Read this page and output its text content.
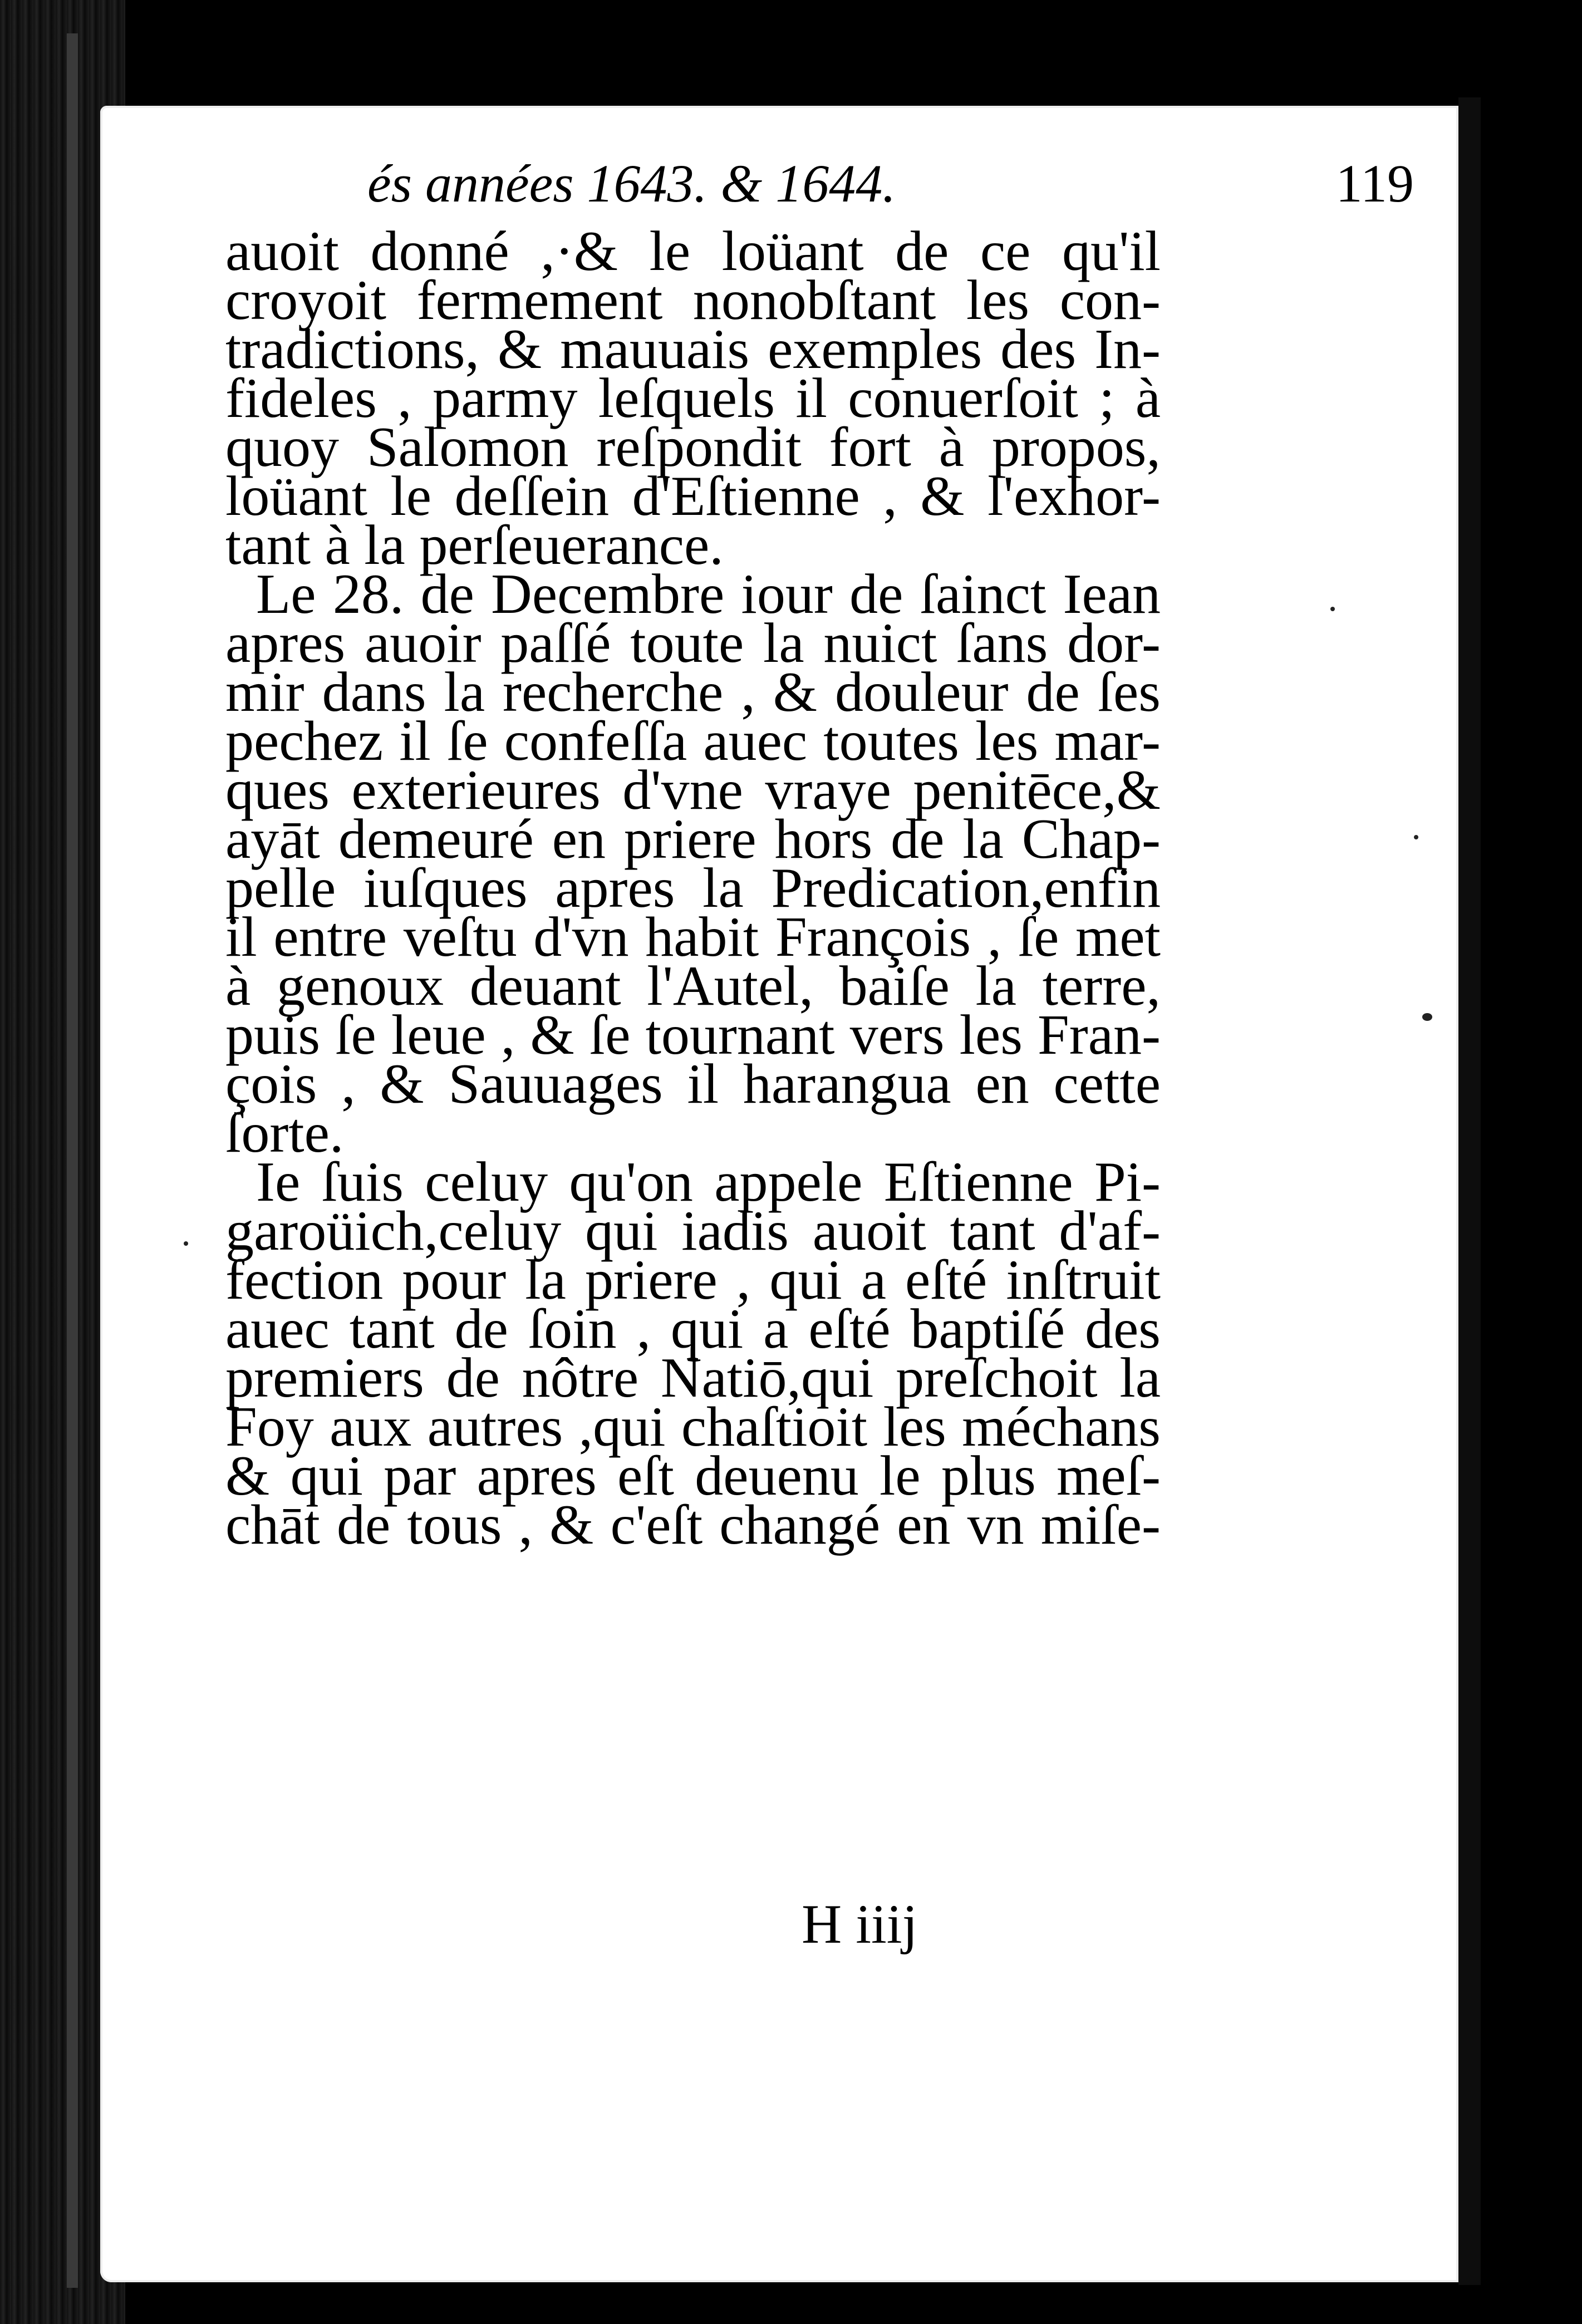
és années 1643. & 1644.	119
auoit donné ,·& le loüant de ce qu'il
croyoit fermement nonobſtant les con-
tradictions, & mauuais exemples des In-
fideles , parmy leſquels il conuerſoit ; à
quoy Salomon reſpondit fort à propos,
loüant le deſſein d'Eſtienne , & l'exhor-
tant à la perſeuerance.
Le 28. de Decembre iour de ſainct Iean
apres auoir paſſé toute la nuict ſans dor-
mir dans la recherche , & douleur de ſes
pechez il ſe confeſſa auec toutes les mar-
ques exterieures d'vne vraye penitēce,&
ayāt demeuré en priere hors de la Chap-
pelle iuſques apres la Predication,enfin
il entre veſtu d'vn habit François , ſe met
à genoux deuant l'Autel, baiſe la terre,
puis ſe leue , & ſe tournant vers les Fran-
çois , & Sauuages il harangua en cette
ſorte.
Ie ſuis celuy qu'on appele Eſtienne Pi-
garoüich,celuy qui iadis auoit tant d'af-
fection pour la priere , qui a eſté inſtruit
auec tant de ſoin , qui a eſté baptiſé des
premiers de nôtre Natiō,qui preſchoit la
Foy aux autres ,qui chaſtioit les méchans
& qui par apres eſt deuenu le plus meſ-
chāt de tous , & c'eſt changé en vn miſe-
H iiij
